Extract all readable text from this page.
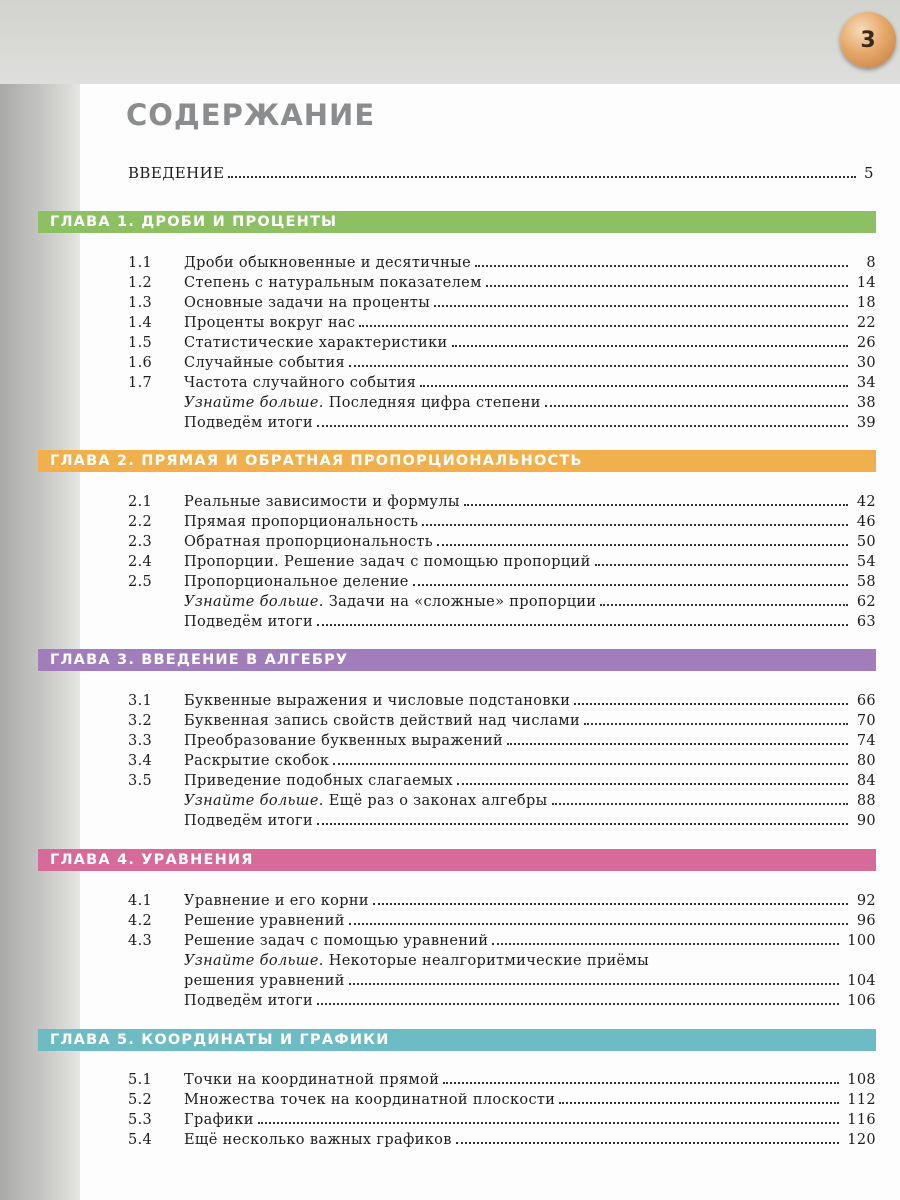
3
СОДЕРЖАНИЕ
ВВЕДЕНИЕ	5
ГЛАВА 1. ДРОБИ И ПРОЦЕНТЫ
1.1	Дроби обыкновенные и десятичные	8
1.2	Степень с натуральным показателем	14
1.3	Основные задачи на проценты	18
1.4	Проценты вокруг нас	22
1.5	Статистические характеристики	26
1.6	Случайные события	30
1.7	Частота случайного события	34
Узнайте больше. Последняя цифра степени	38
Подведём итоги	39
ГЛАВА 2. ПРЯМАЯ И ОБРАТНАЯ ПРОПОРЦИОНАЛЬНОСТЬ
2.1	Реальные зависимости и формулы	42
2.2	Прямая пропорциональность	46
2.3	Обратная пропорциональность	50
2.4	Пропорции. Решение задач с помощью пропорций	54
2.5	Пропорциональное деление	58
Узнайте больше. Задачи на «сложные» пропорции	62
Подведём итоги	63
ГЛАВА 3. ВВЕДЕНИЕ В АЛГЕБРУ
3.1	Буквенные выражения и числовые подстановки	66
3.2	Буквенная запись свойств действий над числами	70
3.3	Преобразование буквенных выражений	74
3.4	Раскрытие скобок	80
3.5	Приведение подобных слагаемых	84
Узнайте больше. Ещё раз о законах алгебры	88
Подведём итоги	90
ГЛАВА 4. УРАВНЕНИЯ
4.1	Уравнение и его корни	92
4.2	Решение уравнений	96
4.3	Решение задач с помощью уравнений	100
Узнайте больше. Некоторые неалгоритмические приёмы
решения уравнений	104
Подведём итоги	106
ГЛАВА 5. КООРДИНАТЫ И ГРАФИКИ
5.1	Точки на координатной прямой	108
5.2	Множества точек на координатной плоскости	112
5.3	Графики	116
5.4	Ещё несколько важных графиков	120
